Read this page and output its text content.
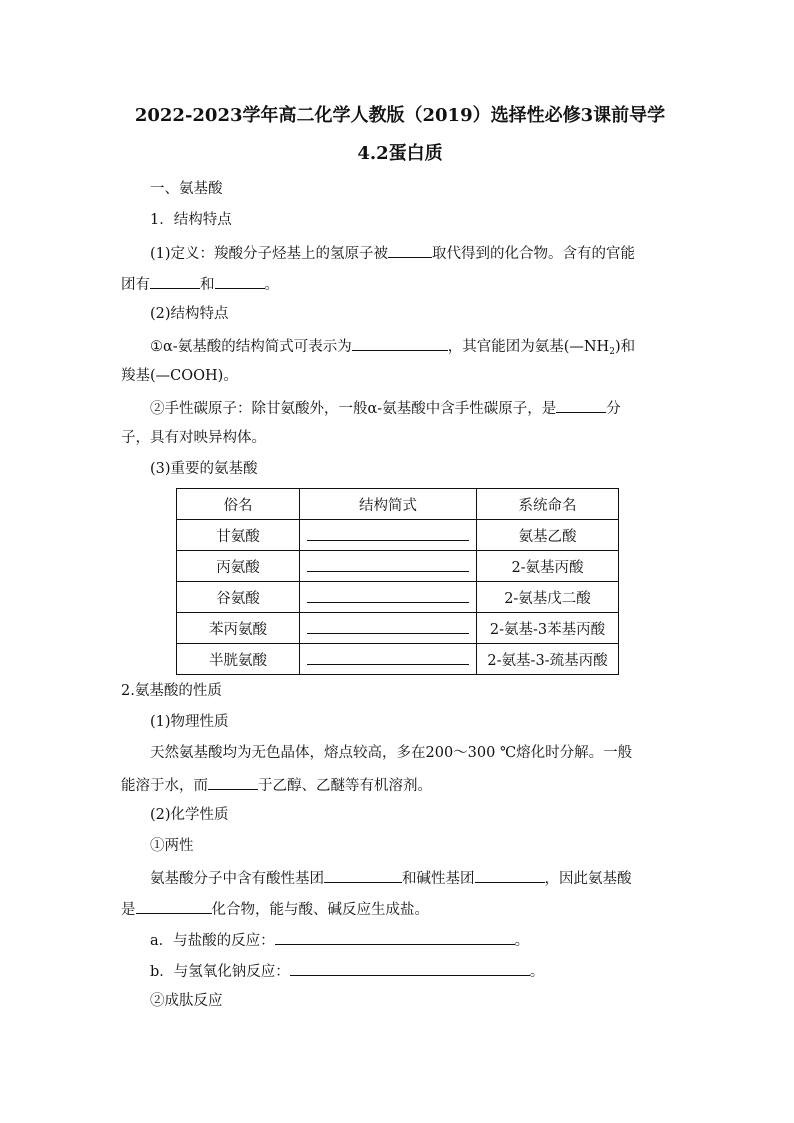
2022-2023学年高二化学人教版（2019）选择性必修3课前导学
4.2蛋白质
一、氨基酸
1．结构特点
(1)定义：羧酸分子烃基上的氢原子被	取代得到的化合物。含有的官能
团有	和	。
(2)结构特点
①α-氨基酸的结构简式可表示为	，其官能团为氨基$(—NH_2)$和
羧基(—COOH)。
②手性碳原子：除甘氨酸外，一般α-氨基酸中含手性碳原子，是	分
子，具有对映异构体。
(3)重要的氨基酸
俗名	结构简式	系统命名
甘氨酸		氨基乙酸
丙氨酸		2-氨基丙酸
谷氨酸		2-氨基戊二酸
苯丙氨酸		2-氨基-3苯基丙酸
半胱氨酸		2-氨基-3-巯基丙酸
2.氨基酸的性质
(1)物理性质
天然氨基酸均为无色晶体，熔点较高，多在200～300 ℃熔化时分解。一般
能溶于水，而	于乙醇、乙醚等有机溶剂。
(2)化学性质
①两性
氨基酸分子中含有酸性基团	和碱性基团	，因此氨基酸
是	化合物，能与酸、碱反应生成盐。
a．与盐酸的反应：	。
b．与氢氧化钠反应：	。
②成肽反应
